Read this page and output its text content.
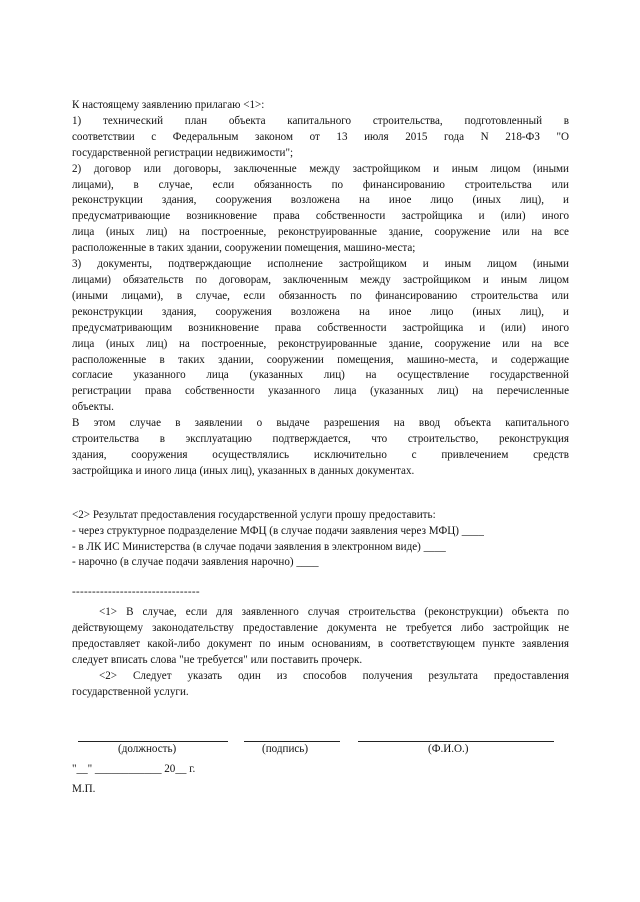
К настоящему заявлению прилагаю <1>:
1) технический план объекта капитального строительства, подготовленный в
соответствии с Федеральным законом от 13 июля 2015 года N 218-ФЗ "О
государственной регистрации недвижимости";
2) договор или договоры, заключенные между застройщиком и иным лицом (иными
лицами), в случае, если обязанность по финансированию строительства или
реконструкции здания, сооружения возложена на иное лицо (иных лиц), и
предусматривающие возникновение права собственности застройщика и (или) иного
лица (иных лиц) на построенные, реконструированные здание, сооружение или на все
расположенные в таких здании, сооружении помещения, машино-места;
3) документы, подтверждающие исполнение застройщиком и иным лицом (иными
лицами) обязательств по договорам, заключенным между застройщиком и иным лицом
(иными лицами), в случае, если обязанность по финансированию строительства или
реконструкции здания, сооружения возложена на иное лицо (иных лиц), и
предусматривающим возникновение права собственности застройщика и (или) иного
лица (иных лиц) на построенные, реконструированные здание, сооружение или на все
расположенные в таких здании, сооружении помещения, машино-места, и содержащие
согласие указанного лица (указанных лиц) на осуществление государственной
регистрации права собственности указанного лица (указанных лиц) на перечисленные
объекты.
В этом случае в заявлении о выдаче разрешения на ввод объекта капитального
строительства в эксплуатацию подтверждается, что строительство, реконструкция
здания, сооружения осуществлялись исключительно с привлечением средств
застройщика и иного лица (иных лиц), указанных в данных документах.
<2> Результат предоставления государственной услуги прошу предоставить:
- через структурное подразделение МФЦ (в случае подачи заявления через МФЦ) ____
- в ЛК ИС Министерства (в случае подачи заявления в электронном виде) ____
- нарочно (в случае подачи заявления нарочно) ____
--------------------------------
<1> В случае, если для заявленного случая строительства (реконструкции) объекта по
действующему законодательству предоставление документа не требуется либо застройщик не
предоставляет какой-либо документ по иным основаниям, в соответствующем пункте заявления
следует вписать слова "не требуется" или поставить прочерк.
<2> Следует указать один из способов получения результата предоставления
государственной услуги.
(должность)	(подпись)	(Ф.И.О.)
"__" ____________ 20__ г.
М.П.
